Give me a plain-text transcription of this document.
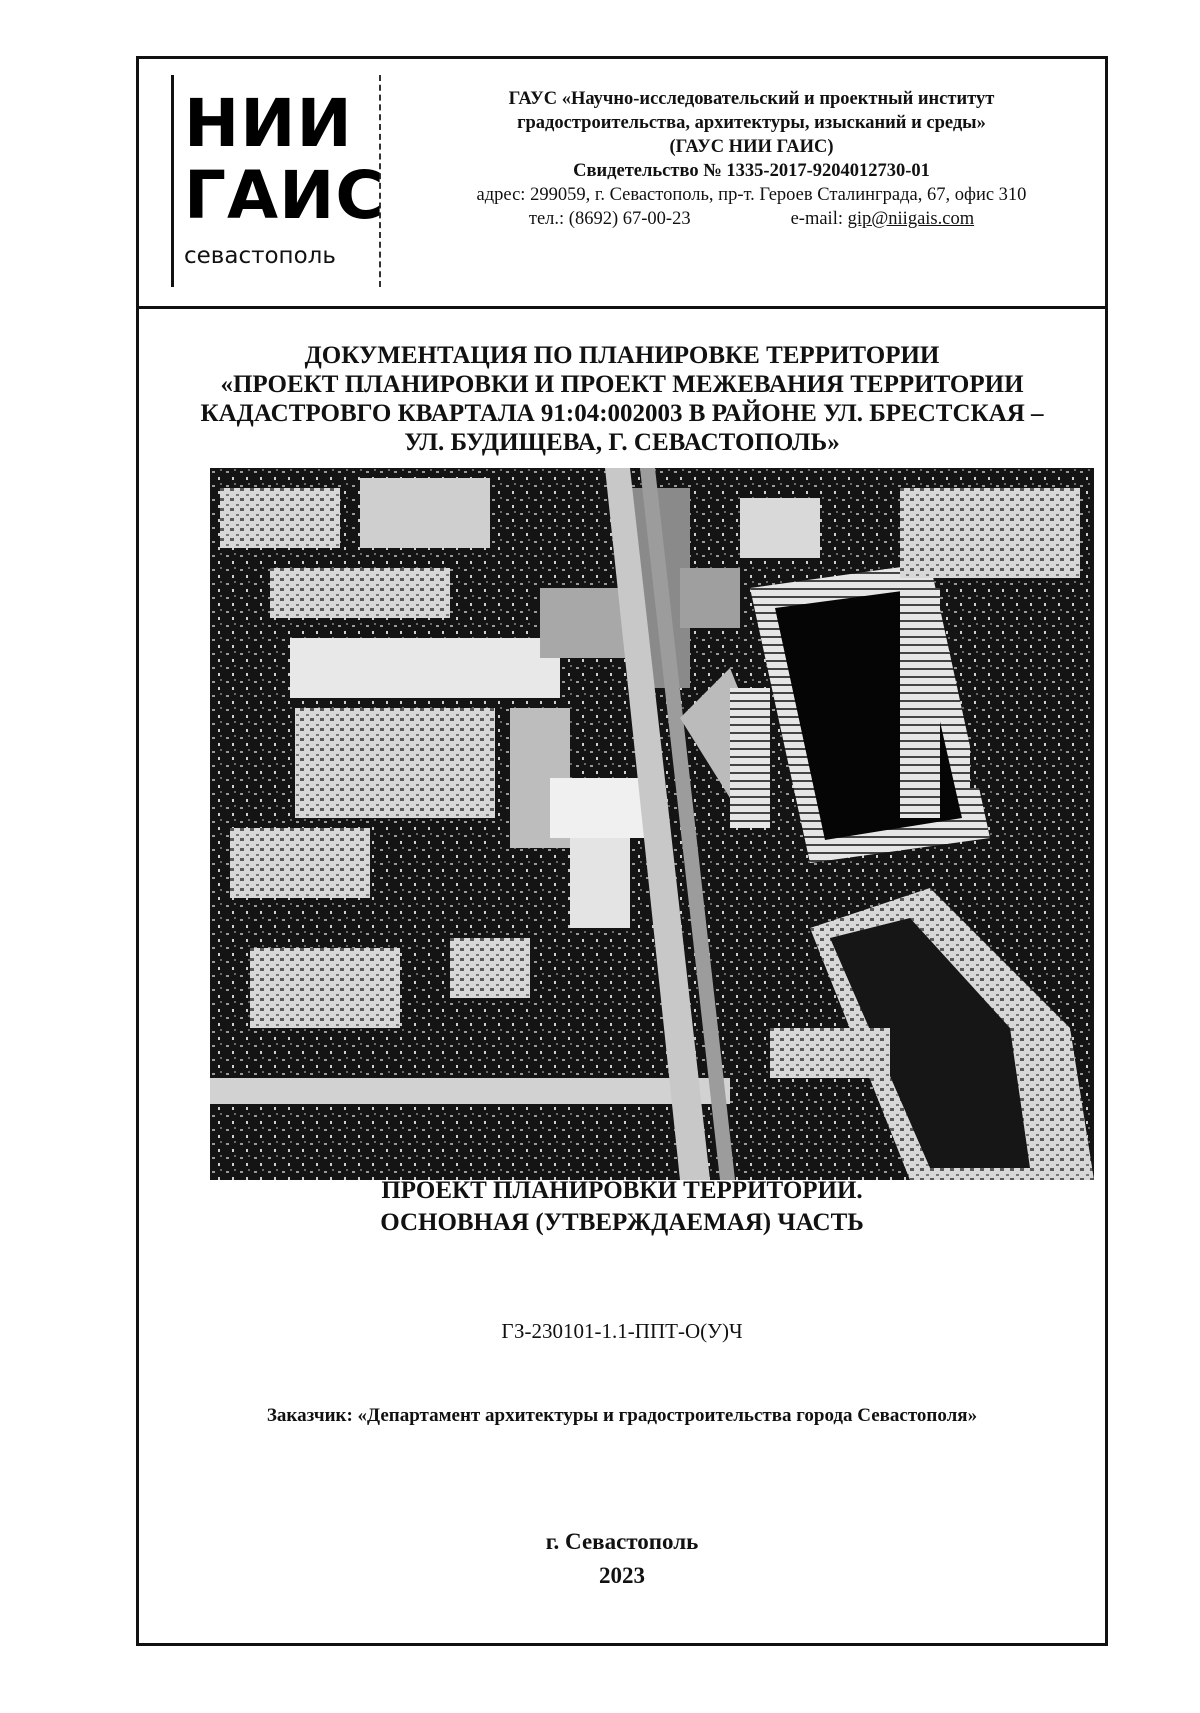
НИИ
ГАИС
севастополь
ГАУС «Научно-исследовательский и проектный институт
градостроительства, архитектуры, изысканий и среды»
(ГАУС НИИ ГАИС)
Свидетельство № 1335-2017-9204012730-01
адрес: 299059, г. Севастополь, пр-т. Героев Сталинграда, 67, офис 310
тел.: (8692) 67-00-23	e-mail: gip@niigais.com
ДОКУМЕНТАЦИЯ ПО ПЛАНИРОВКЕ ТЕРРИТОРИИ
«ПРОЕКТ ПЛАНИРОВКИ И ПРОЕКТ МЕЖЕВАНИЯ ТЕРРИТОРИИ
КАДАСТРОВГО КВАРТАЛА 91:04:002003 В РАЙОНЕ УЛ. БРЕСТСКАЯ –
УЛ. БУДИЩЕВА, Г. СЕВАСТОПОЛЬ»
ПРОЕКТ ПЛАНИРОВКИ ТЕРРИТОРИИ.
ОСНОВНАЯ (УТВЕРЖДАЕМАЯ) ЧАСТЬ
ГЗ-230101-1.1-ППТ-О(У)Ч
Заказчик: «Департамент архитектуры и градостроительства города Севастополя»
г. Севастополь
2023
